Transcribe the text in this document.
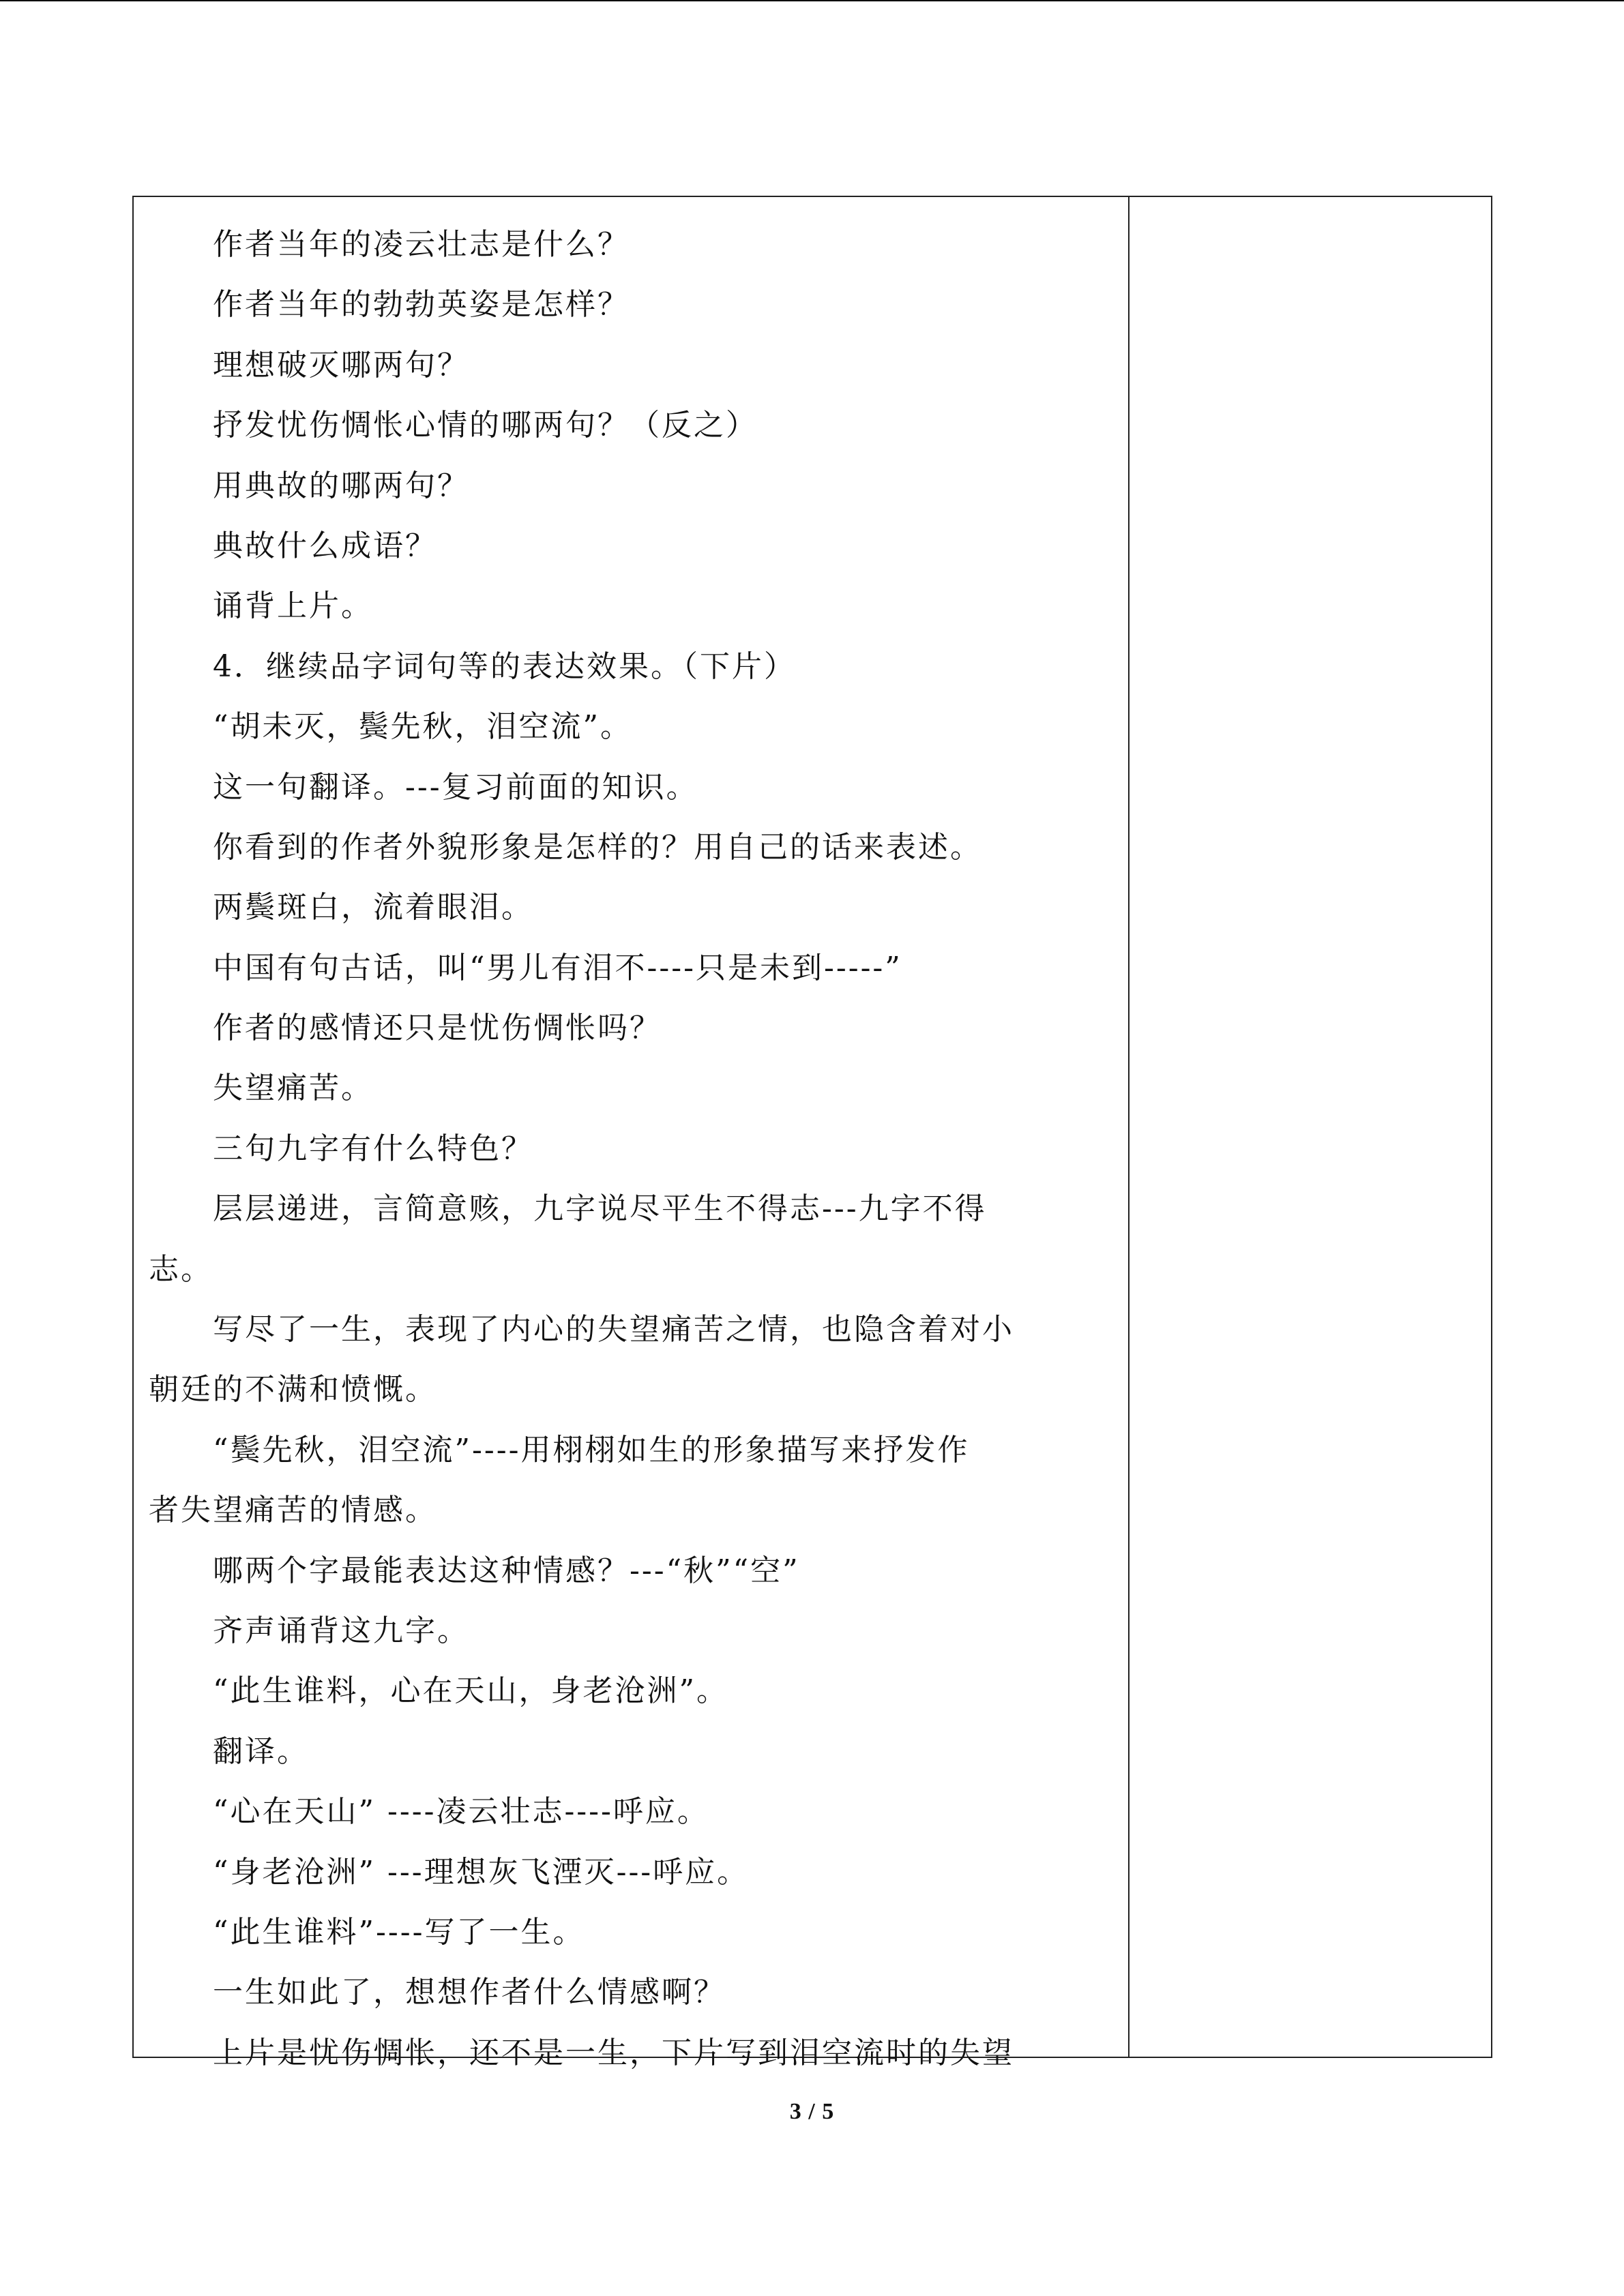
作者当年的凌云壮志是什么？
作者当年的勃勃英姿是怎样？
理想破灭哪两句？
抒发忧伤惆怅心情的哪两句？（反之）
用典故的哪两句？
典故什么成语？
诵背上片。
4．继续品字词句等的表达效果。（下片）
“胡未灭，鬓先秋，泪空流”。
这一句翻译。---复习前面的知识。
你看到的作者外貌形象是怎样的？用自己的话来表述。
两鬓斑白，流着眼泪。
中国有句古话，叫“男儿有泪不----只是未到-----”
作者的感情还只是忧伤惆怅吗？
失望痛苦。
三句九字有什么特色？
层层递进，言简意赅，九字说尽平生不得志---九字不得
志。
写尽了一生，表现了内心的失望痛苦之情，也隐含着对小
朝廷的不满和愤慨。
“鬓先秋，泪空流”----用栩栩如生的形象描写来抒发作
者失望痛苦的情感。
哪两个字最能表达这种情感？---“秋”“空”
齐声诵背这九字。
“此生谁料，心在天山，身老沧洲”。
翻译。
“心在天山” ----凌云壮志----呼应。
“身老沧洲” ---理想灰飞湮灭---呼应。
“此生谁料”----写了一生。
一生如此了，想想作者什么情感啊？
上片是忧伤惆怅，还不是一生，下片写到泪空流时的失望
3 / 5
